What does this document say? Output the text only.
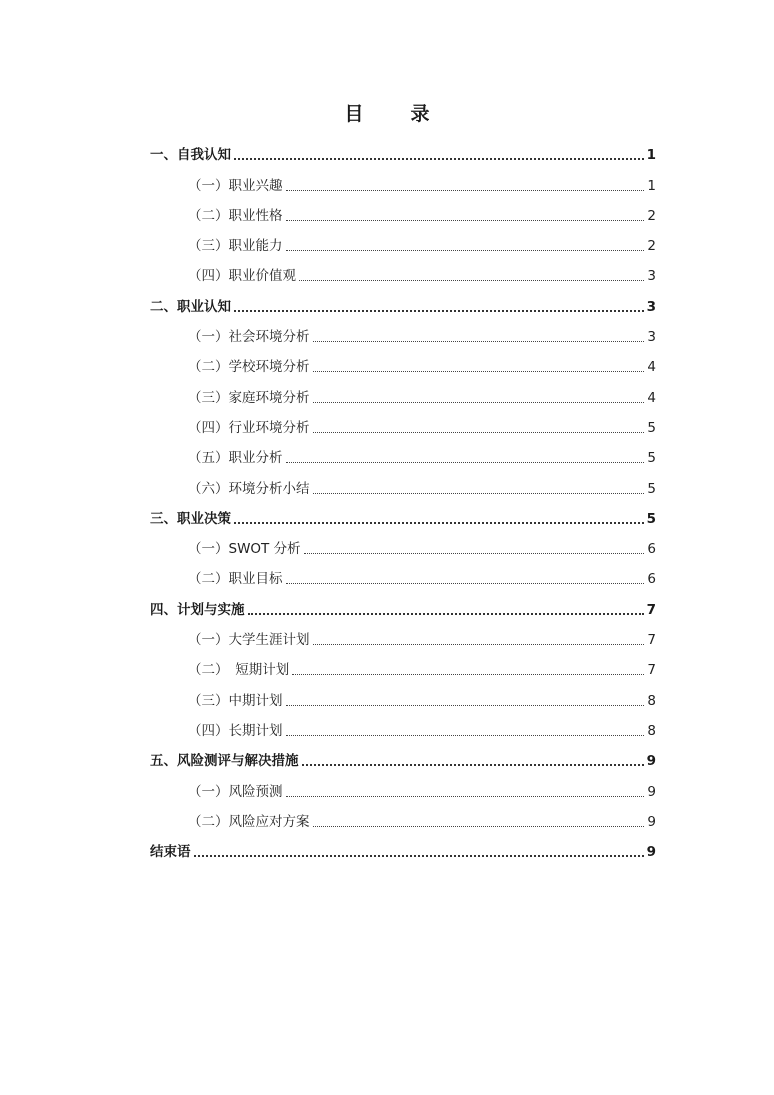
目　录
一、自我认知	1
（一）职业兴趣	1
（二）职业性格	2
（三）职业能力	2
（四）职业价值观	3
二、职业认知	3
（一）社会环境分析	3
（二）学校环境分析	4
（三）家庭环境分析	4
（四）行业环境分析	5
（五）职业分析	5
（六）环境分析小结	5
三、职业决策	5
（一）SWOT 分析	6
（二）职业目标	6
四、计划与实施	7
（一）大学生涯计划	7
（二）　短期计划	7
（三）中期计划	8
（四）长期计划	8
五、风险测评与解决措施	9
（一）风险预测	9
（二）风险应对方案	9
结束语	9
